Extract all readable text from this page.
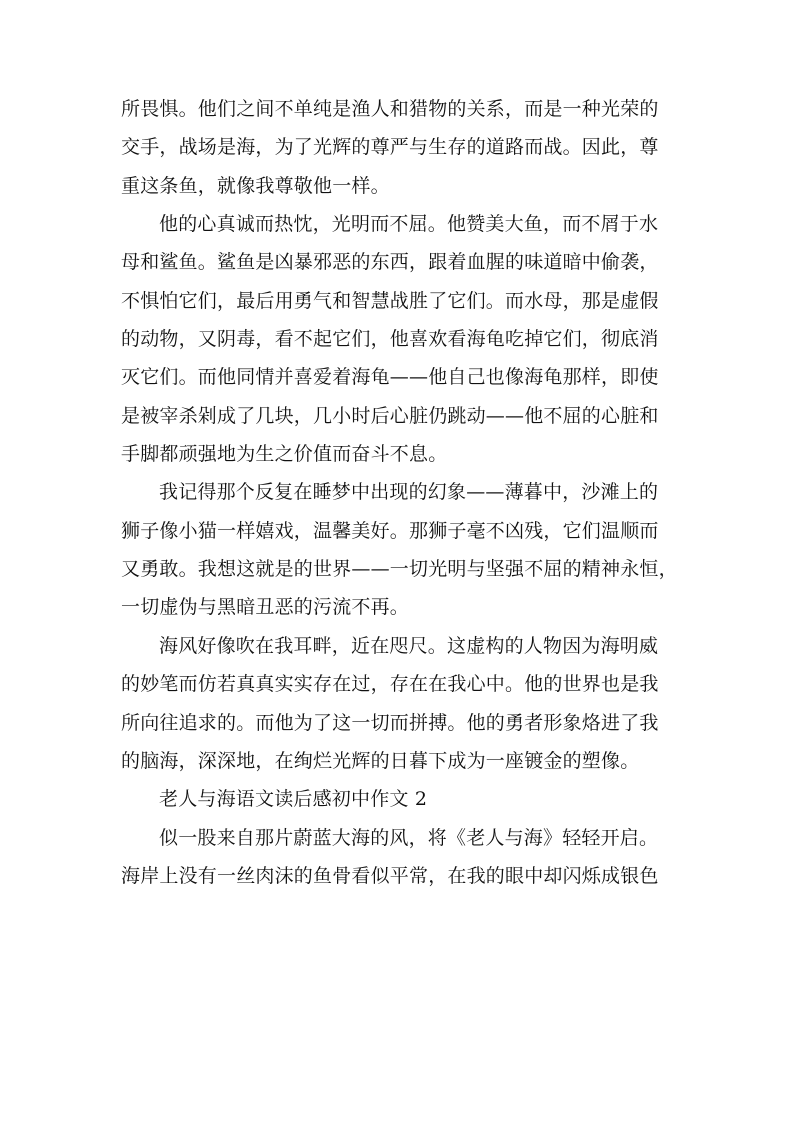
所畏惧。他们之间不单纯是渔人和猎物的关系，而是一种光荣的
交手，战场是海，为了光辉的尊严与生存的道路而战。因此，尊
重这条鱼，就像我尊敬他一样。
他的心真诚而热忱，光明而不屈。他赞美大鱼，而不屑于水
母和鲨鱼。鲨鱼是凶暴邪恶的东西，跟着血腥的味道暗中偷袭，
不惧怕它们，最后用勇气和智慧战胜了它们。而水母，那是虚假
的动物，又阴毒，看不起它们，他喜欢看海龟吃掉它们，彻底消
灭它们。而他同情并喜爱着海龟——他自己也像海龟那样，即使
是被宰杀剁成了几块，几小时后心脏仍跳动——他不屈的心脏和
手脚都顽强地为生之价值而奋斗不息。
我记得那个反复在睡梦中出现的幻象——薄暮中，沙滩上的
狮子像小猫一样嬉戏，温馨美好。那狮子毫不凶残，它们温顺而
又勇敢。我想这就是的世界——一切光明与坚强不屈的精神永恒，
一切虚伪与黑暗丑恶的污流不再。
海风好像吹在我耳畔，近在咫尺。这虚构的人物因为海明威
的妙笔而仿若真真实实存在过，存在在我心中。他的世界也是我
所向往追求的。而他为了这一切而拼搏。他的勇者形象烙进了我
的脑海，深深地，在绚烂光辉的日暮下成为一座镀金的塑像。
老人与海语文读后感初中作文 2
似一股来自那片蔚蓝大海的风，将《老人与海》轻轻开启。
海岸上没有一丝肉沫的鱼骨看似平常，在我的眼中却闪烁成银色
